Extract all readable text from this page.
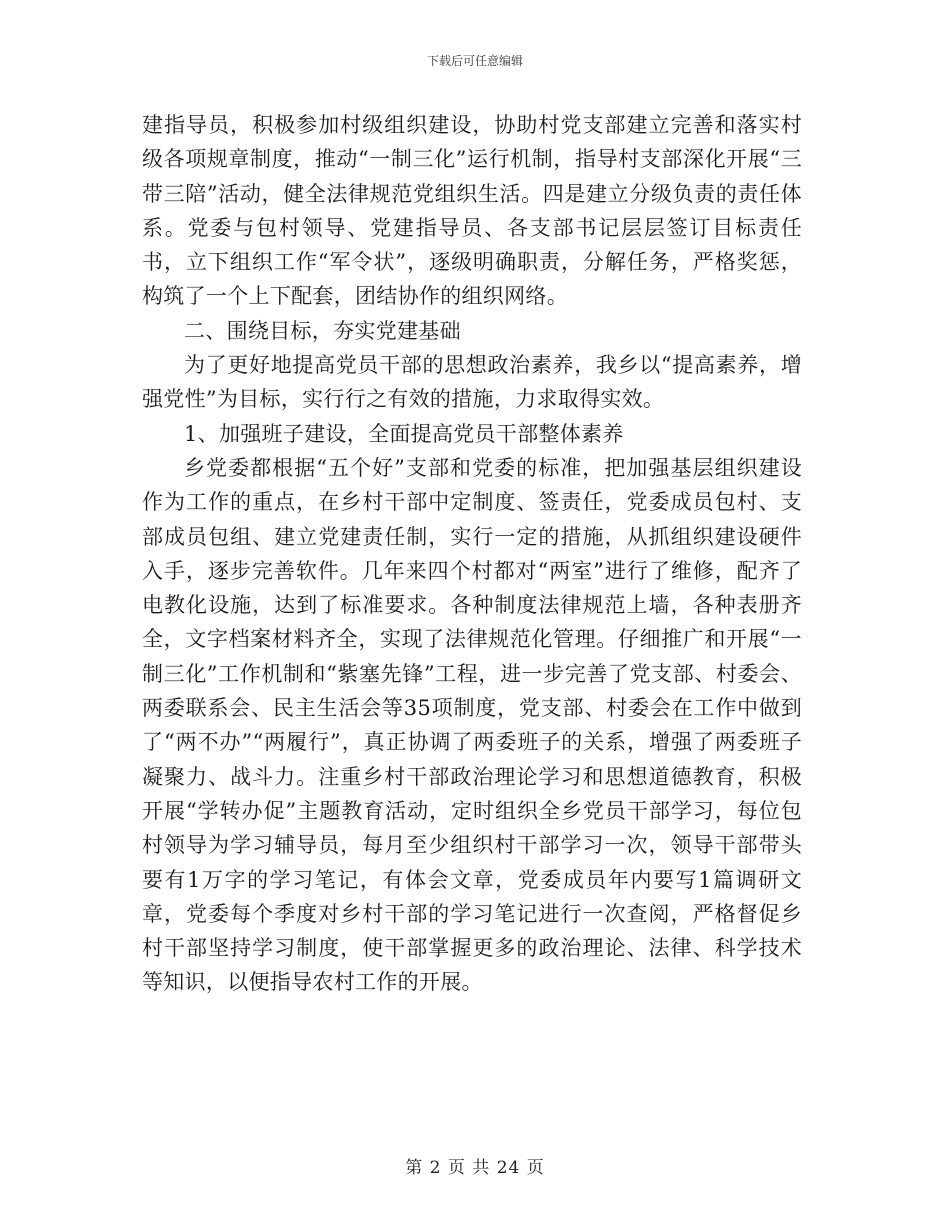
下载后可任意编辑

建指导员，积极参加村级组织建设，协助村党支部建立完善和落实村级各项规章制度，推动“一制三化”运行机制，指导村支部深化开展“三带三陪”活动，健全法律规范党组织生活。四是建立分级负责的责任体系。党委与包村领导、党建指导员、各支部书记层层签订目标责任书，立下组织工作“军令状”，逐级明确职责，分解任务，严格奖惩，构筑了一个上下配套，团结协作的组织网络。

二、围绕目标，夯实党建基础

为了更好地提高党员干部的思想政治素养，我乡以“提高素养，增强党性”为目标，实行行之有效的措施，力求取得实效。

1、加强班子建设，全面提高党员干部整体素养

乡党委都根据“五个好”支部和党委的标准，把加强基层组织建设作为工作的重点，在乡村干部中定制度、签责任，党委成员包村、支部成员包组、建立党建责任制，实行一定的措施，从抓组织建设硬件入手，逐步完善软件。几年来四个村都对“两室”进行了维修，配齐了电教化设施，达到了标准要求。各种制度法律规范上墙，各种表册齐全，文字档案材料齐全，实现了法律规范化管理。仔细推广和开展“一制三化”工作机制和“紫塞先锋”工程，进一步完善了党支部、村委会、两委联系会、民主生活会等35项制度，党支部、村委会在工作中做到了“两不办”“两履行”，真正协调了两委班子的关系，增强了两委班子凝聚力、战斗力。注重乡村干部政治理论学习和思想道德教育，积极开展“学转办促”主题教育活动，定时组织全乡党员干部学习，每位包村领导为学习辅导员，每月至少组织村干部学习一次，领导干部带头要有1万字的学习笔记，有体会文章，党委成员年内要写1篇调研文章，党委每个季度对乡村干部的学习笔记进行一次查阅，严格督促乡村干部坚持学习制度，使干部掌握更多的政治理论、法律、科学技术等知识，以便指导农村工作的开展。

第 2 页 共 24 页
